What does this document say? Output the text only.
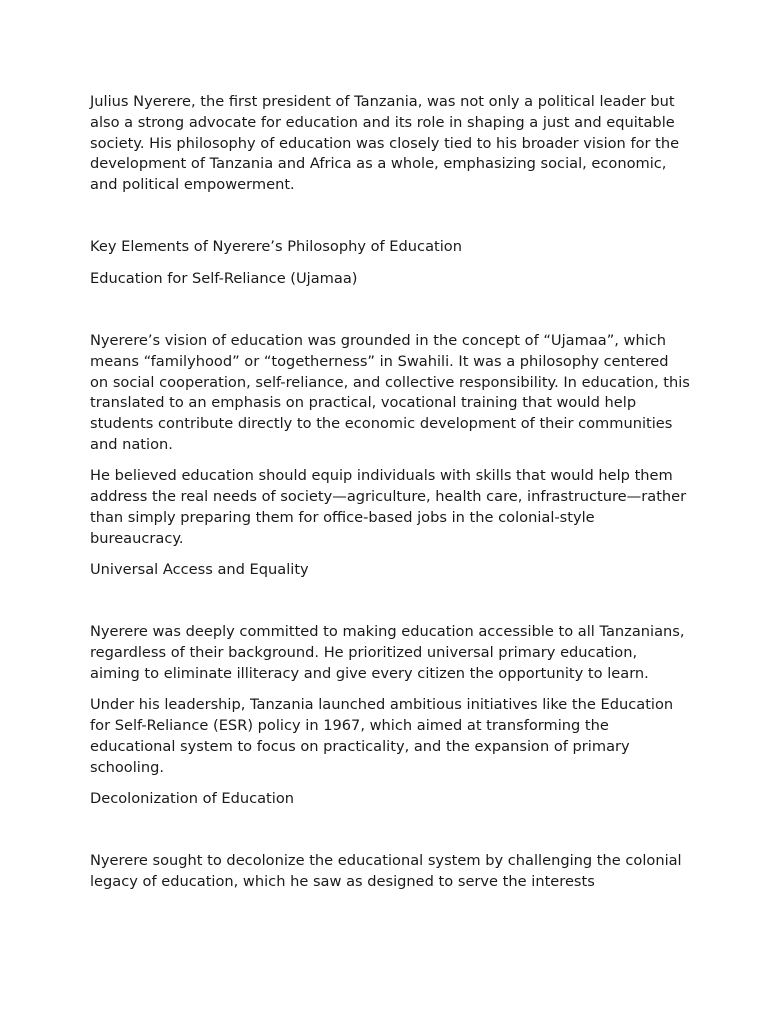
Julius Nyerere, the first president of Tanzania, was not only a political leader but also a strong advocate for education and its role in shaping a just and equitable society. His philosophy of education was closely tied to his broader vision for the development of Tanzania and Africa as a whole, emphasizing social, economic, and political empowerment.

Key Elements of Nyerere’s Philosophy of Education

Education for Self-Reliance (Ujamaa)

Nyerere’s vision of education was grounded in the concept of “Ujamaa”, which means “familyhood” or “togetherness” in Swahili. It was a philosophy centered on social cooperation, self-reliance, and collective responsibility. In education, this translated to an emphasis on practical, vocational training that would help students contribute directly to the economic development of their communities and nation.

He believed education should equip individuals with skills that would help them address the real needs of society—agriculture, health care, infrastructure—rather than simply preparing them for office-based jobs in the colonial-style bureaucracy.

Universal Access and Equality

Nyerere was deeply committed to making education accessible to all Tanzanians, regardless of their background. He prioritized universal primary education, aiming to eliminate illiteracy and give every citizen the opportunity to learn.

Under his leadership, Tanzania launched ambitious initiatives like the Education for Self-Reliance (ESR) policy in 1967, which aimed at transforming the educational system to focus on practicality, and the expansion of primary schooling.

Decolonization of Education

Nyerere sought to decolonize the educational system by challenging the colonial legacy of education, which he saw as designed to serve the interests
